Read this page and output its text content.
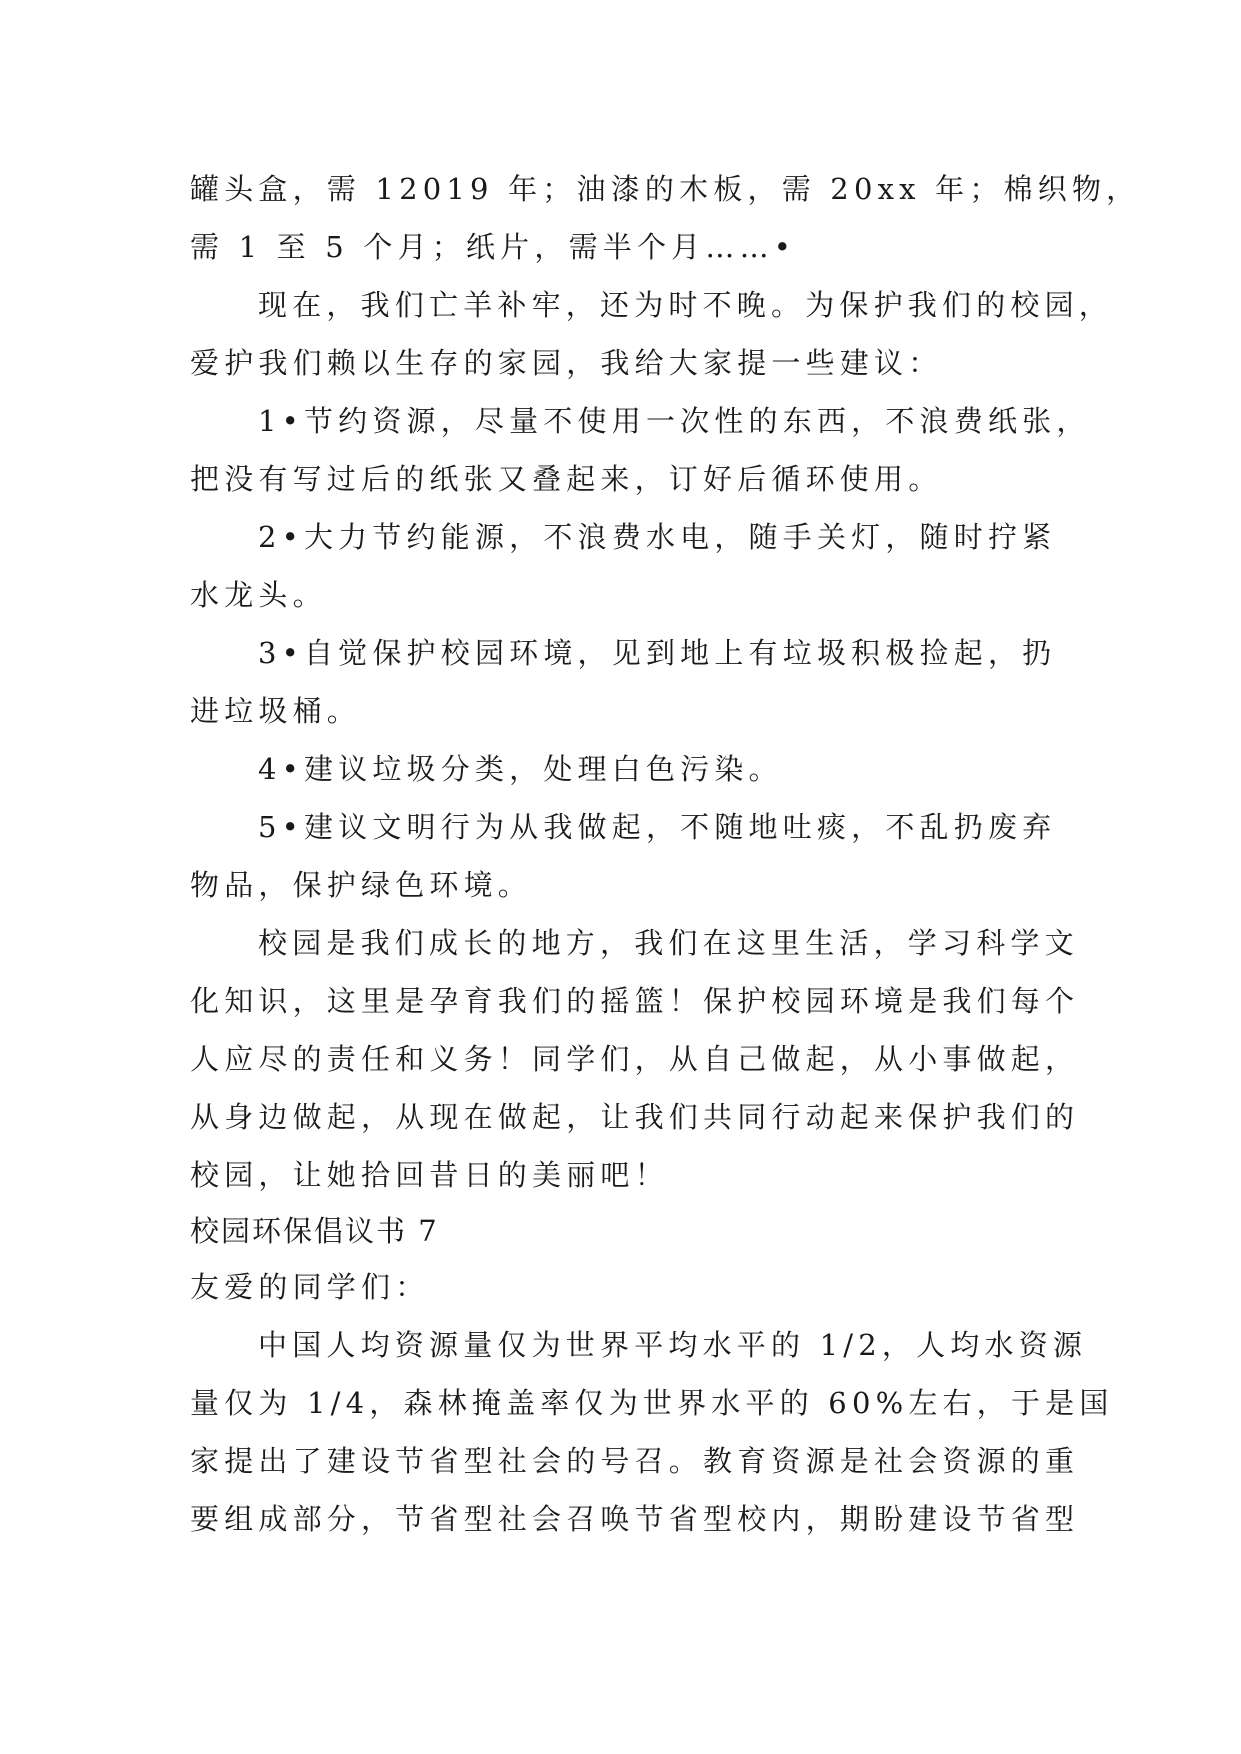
罐头盒，需 12019 年；油漆的木板，需 20xx 年；棉织物，
需 1 至 5 个月；纸片，需半个月……•
现在，我们亡羊补牢，还为时不晚。为保护我们的校园，
爱护我们赖以生存的家园，我给大家提一些建议：
1•节约资源，尽量不使用一次性的东西，不浪费纸张，
把没有写过后的纸张又叠起来，订好后循环使用。
2•大力节约能源，不浪费水电，随手关灯，随时拧紧
水龙头。
3•自觉保护校园环境，见到地上有垃圾积极捡起，扔
进垃圾桶。
4•建议垃圾分类，处理白色污染。
5•建议文明行为从我做起，不随地吐痰，不乱扔废弃
物品，保护绿色环境。
校园是我们成长的地方，我们在这里生活，学习科学文
化知识，这里是孕育我们的摇篮！保护校园环境是我们每个
人应尽的责任和义务！同学们，从自己做起，从小事做起，
从身边做起，从现在做起，让我们共同行动起来保护我们的
校园，让她拾回昔日的美丽吧！
校园环保倡议书 7
友爱的同学们：
中国人均资源量仅为世界平均水平的 1/2，人均水资源
量仅为 1/4，森林掩盖率仅为世界水平的 60%左右，于是国
家提出了建设节省型社会的号召。教育资源是社会资源的重
要组成部分，节省型社会召唤节省型校内，期盼建设节省型
